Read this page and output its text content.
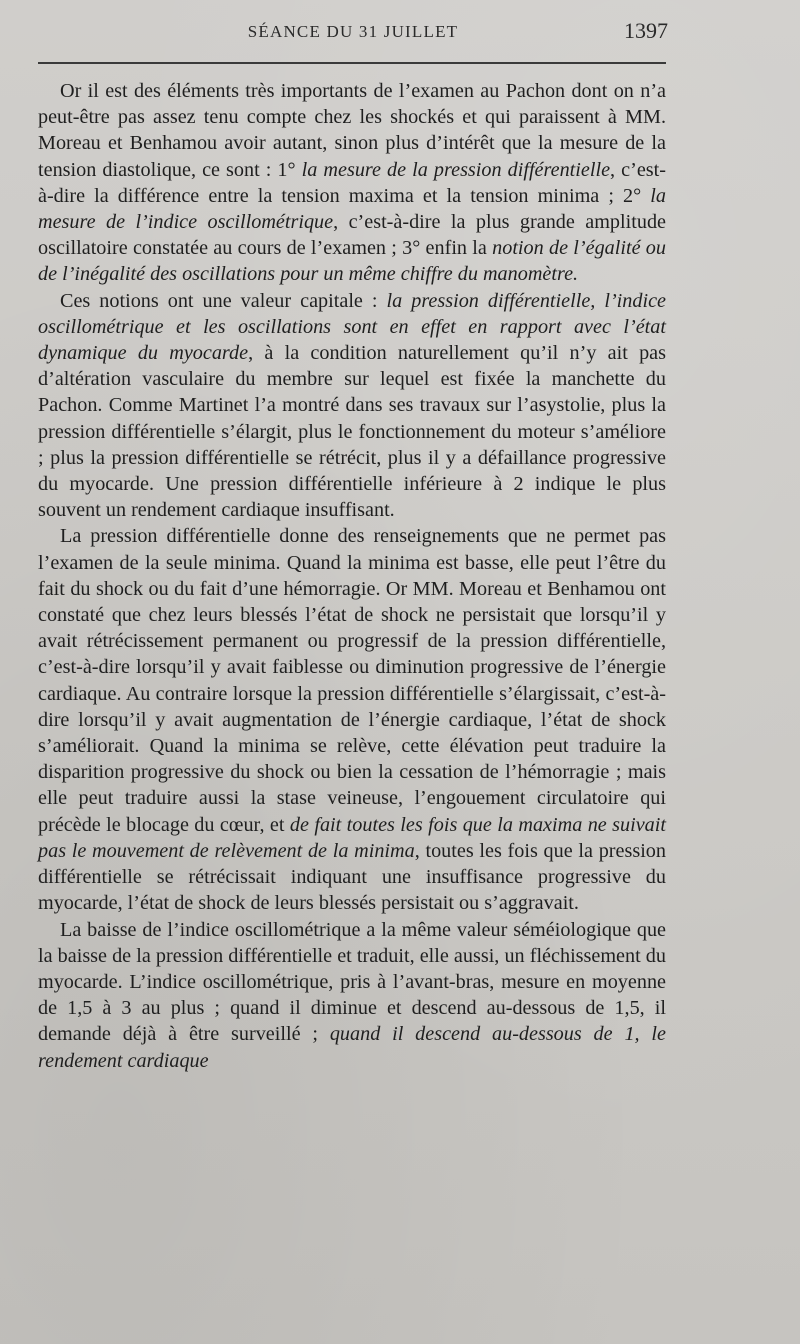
SÉANCE DU 31 JUILLET	1397

Or il est des éléments très importants de l’examen au Pachon dont on n’a peut-être pas assez tenu compte chez les shockés et qui paraissent à MM. Moreau et Benhamou avoir autant, sinon plus d’intérêt que la mesure de la tension diastolique, ce sont : 1° la mesure de la pression différentielle, c’est-à-dire la différence entre la tension maxima et la tension minima ; 2° la mesure de l’indice oscillométrique, c’est-à-dire la plus grande amplitude oscillatoire constatée au cours de l’examen ; 3° enfin la notion de l’égalité ou de l’inégalité des oscillations pour un même chiffre du manomètre.

Ces notions ont une valeur capitale : la pression différentielle, l’indice oscillométrique et les oscillations sont en effet en rapport avec l’état dynamique du myocarde, à la condition naturellement qu’il n’y ait pas d’altération vasculaire du membre sur lequel est fixée la manchette du Pachon. Comme Martinet l’a montré dans ses travaux sur l’asystolie, plus la pression différentielle s’élargit, plus le fonctionnement du moteur s’améliore ; plus la pression différentielle se rétrécit, plus il y a défaillance progressive du myocarde. Une pression différentielle inférieure à 2 indique le plus souvent un rendement cardiaque insuffisant.

La pression différentielle donne des renseignements que ne permet pas l’examen de la seule minima. Quand la minima est basse, elle peut l’être du fait du shock ou du fait d’une hémorragie. Or MM. Moreau et Benhamou ont constaté que chez leurs blessés l’état de shock ne persistait que lorsqu’il y avait rétrécissement permanent ou progressif de la pression différentielle, c’est-à-dire lorsqu’il y avait faiblesse ou diminution progressive de l’énergie cardiaque. Au contraire lorsque la pression différentielle s’élargissait, c’est-à-dire lorsqu’il y avait augmentation de l’énergie cardiaque, l’état de shock s’améliorait. Quand la minima se relève, cette élévation peut traduire la disparition progressive du shock ou bien la cessation de l’hémorragie ; mais elle peut traduire aussi la stase veineuse, l’engouement circulatoire qui précède le blocage du cœur, et de fait toutes les fois que la maxima ne suivait pas le mouvement de relèvement de la minima, toutes les fois que la pression différentielle se rétrécissait indiquant une insuffisance progressive du myocarde, l’état de shock de leurs blessés persistait ou s’aggravait.

La baisse de l’indice oscillométrique a la même valeur séméiologique que la baisse de la pression différentielle et traduit, elle aussi, un fléchissement du myocarde. L’indice oscillométrique, pris à l’avant-bras, mesure en moyenne de 1,5 à 3 au plus ; quand il diminue et descend au-dessous de 1,5, il demande déjà à être surveillé ; quand il descend au-dessous de 1, le rendement cardiaque
